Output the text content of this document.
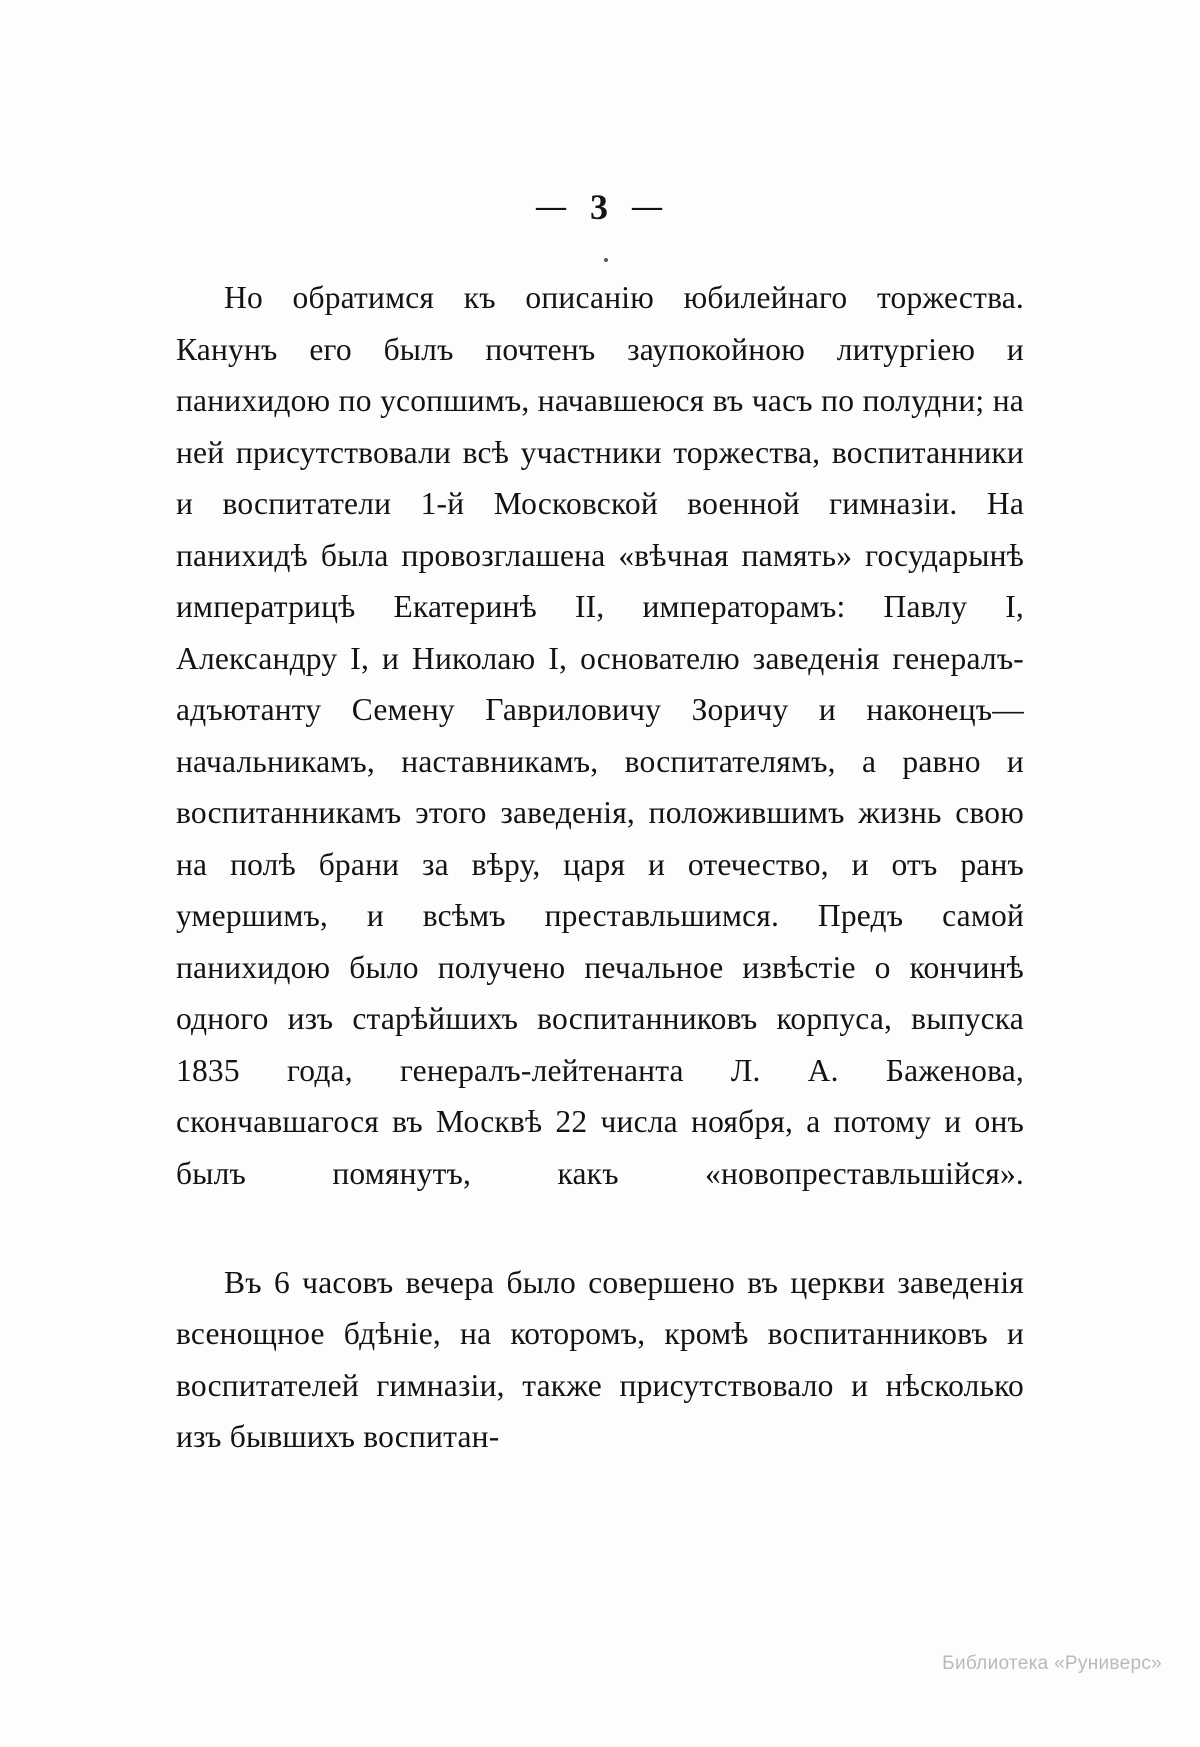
— 3 —

Но обратимся къ описанію юбилейнаго торжества. Канунъ его былъ почтенъ заупокойною литургіею и панихидою по усопшимъ, начавшеюся въ часъ по полудни; на ней присутствовали всѣ участники торжества, воспитанники и воспитатели 1-й Московской военной гимназіи. На панихидѣ была провозглашена «вѣчная память» государынѣ императрицѣ Екатеринѣ II, императорамъ: Павлу I, Александру I, и Николаю I, основателю заведенія генералъ-адъютанту Семену Гавриловичу Зоричу и наконецъ—начальникамъ, наставникамъ, воспитателямъ, а равно и воспитанникамъ этого заведенія, положившимъ жизнь свою на полѣ брани за вѣру, царя и отечество, и отъ ранъ умершимъ, и всѣмъ преставльшимся. Предъ самой панихидою было получено печальное извѣстіе о кончинѣ одного изъ старѣйшихъ воспитанниковъ корпуса, выпуска 1835 года, генералъ-лейтенанта Л. А. Баженова, скончавшагося въ Москвѣ 22 числа ноября, а потому и онъ былъ помянутъ, какъ «новопреставльшійся».

Въ 6 часовъ вечера было совершено въ церкви заведенія всенощное бдѣніе, на которомъ, кромѣ воспитанниковъ и воспитателей гимназіи, также присутствовало и нѣсколько изъ бывшихъ воспитан-

Библиотека «Руниверс»
